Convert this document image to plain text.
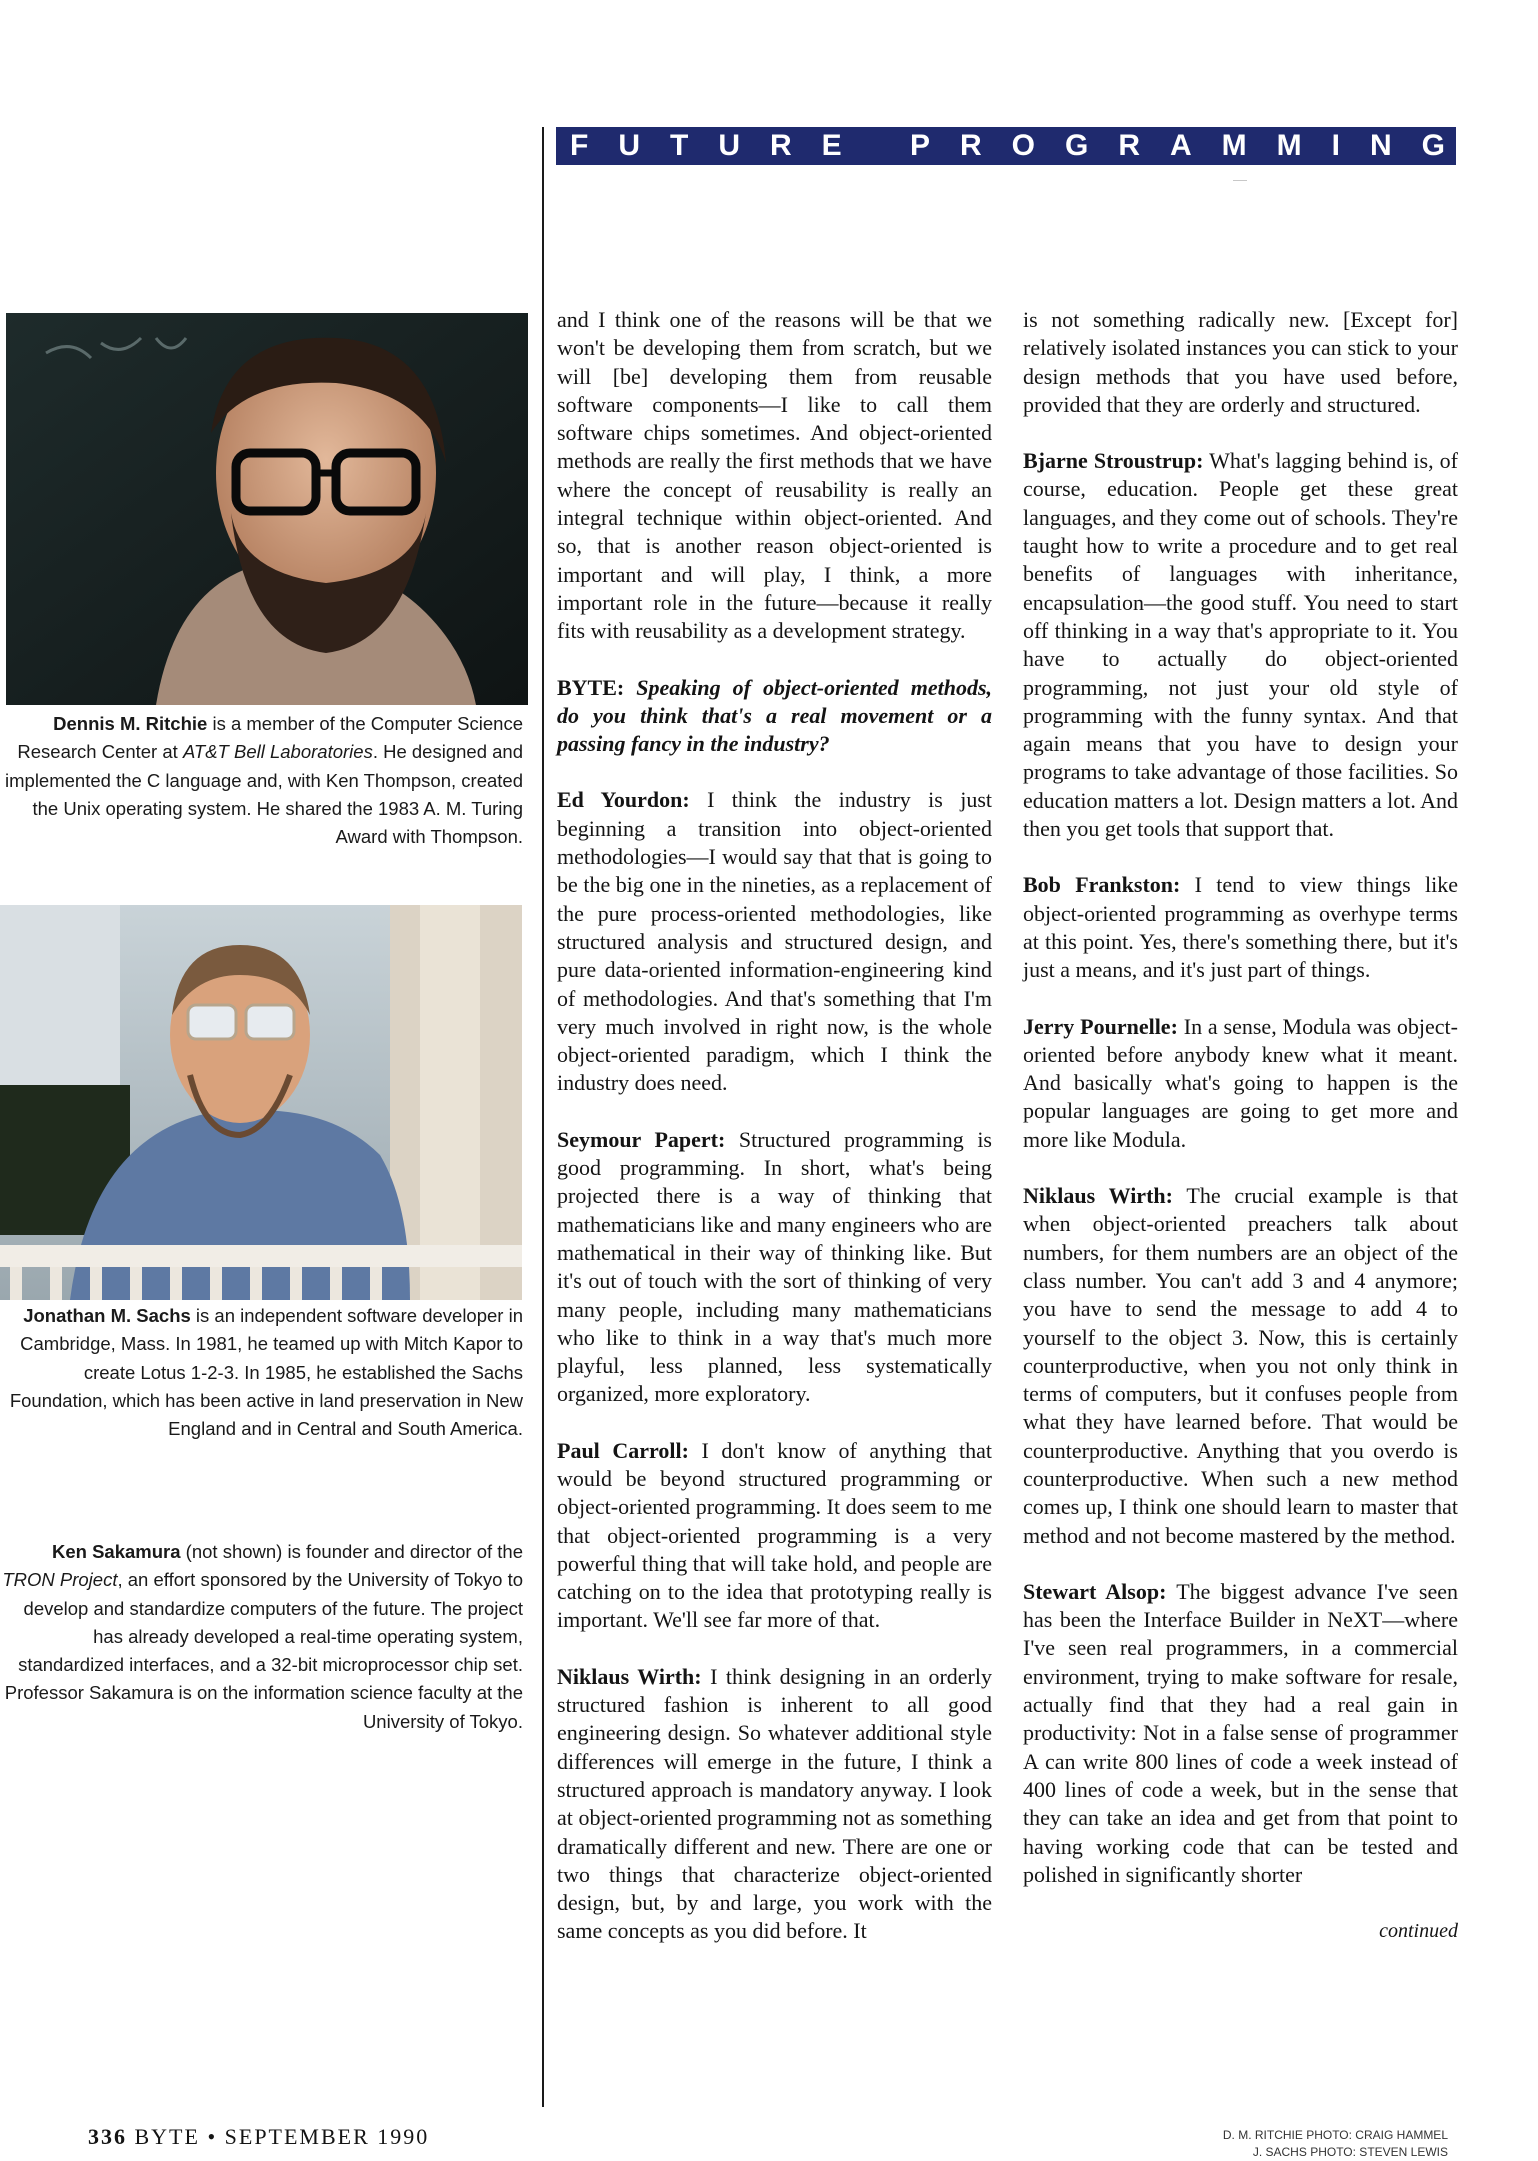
FUTURE PROGRAMMING
Dennis M. Ritchie is a member of the Computer Science Research Center at AT&T Bell Laboratories. He designed and implemented the C language and, with Ken Thompson, created the Unix operating system. He shared the 1983 A. M. Turing Award with Thompson.
Jonathan M. Sachs is an independent software developer in Cambridge, Mass. In 1981, he teamed up with Mitch Kapor to create Lotus 1-2-3. In 1985, he established the Sachs Foundation, which has been active in land preservation in New England and in Central and South America.
Ken Sakamura (not shown) is founder and director of the TRON Project, an effort sponsored by the University of Tokyo to develop and standardize computers of the future. The project has already developed a real-time operating system, standardized interfaces, and a 32-bit microprocessor chip set. Professor Sakamura is on the information science faculty at the University of Tokyo.

and I think one of the reasons will be that we won't be developing them from scratch, but we will [be] developing them from reusable software components—I like to call them software chips sometimes. And object-oriented methods are really the first methods that we have where the concept of reusability is really an integral technique within object-oriented. And so, that is another reason object-oriented is important and will play, I think, a more important role in the future—because it really fits with reusability as a development strategy.

BYTE: Speaking of object-oriented methods, do you think that's a real movement or a passing fancy in the industry?

Ed Yourdon: I think the industry is just beginning a transition into object-oriented methodologies—I would say that that is going to be the big one in the nineties, as a replacement of the pure process-oriented methodologies, like structured analysis and structured design, and pure data-oriented information-engineering kind of methodologies. And that's something that I'm very much involved in right now, is the whole object-oriented paradigm, which I think the industry does need.

Seymour Papert: Structured programming is good programming. In short, what's being projected there is a way of thinking that mathematicians like and many engineers who are mathematical in their way of thinking like. But it's out of touch with the sort of thinking of very many people, including many mathematicians who like to think in a way that's much more playful, less planned, less systematically organized, more exploratory.

Paul Carroll: I don't know of anything that would be beyond structured programming or object-oriented programming. It does seem to me that object-oriented programming is a very powerful thing that will take hold, and people are catching on to the idea that prototyping really is important. We'll see far more of that.

Niklaus Wirth: I think designing in an orderly structured fashion is inherent to all good engineering design. So whatever additional style differences will emerge in the future, I think a structured approach is mandatory anyway. I look at object-oriented programming not as something dramatically different and new. There are one or two things that characterize object-oriented design, but, by and large, you work with the same concepts as you did before. It

is not something radically new. [Except for] relatively isolated instances you can stick to your design methods that you have used before, provided that they are orderly and structured.

Bjarne Stroustrup: What's lagging behind is, of course, education. People get these great languages, and they come out of schools. They're taught how to write a procedure and to get real benefits of languages with inheritance, encapsulation—the good stuff. You need to start off thinking in a way that's appropriate to it. You have to actually do object-oriented programming, not just your old style of programming with the funny syntax. And that again means that you have to design your programs to take advantage of those facilities. So education matters a lot. Design matters a lot. And then you get tools that support that.

Bob Frankston: I tend to view things like object-oriented programming as overhype terms at this point. Yes, there's something there, but it's just a means, and it's just part of things.

Jerry Pournelle: In a sense, Modula was object-oriented before anybody knew what it meant. And basically what's going to happen is the popular languages are going to get more and more like Modula.

Niklaus Wirth: The crucial example is that when object-oriented preachers talk about numbers, for them numbers are an object of the class number. You can't add 3 and 4 anymore; you have to send the message to add 4 to yourself to the object 3. Now, this is certainly counterproductive, when you not only think in terms of computers, but it confuses people from what they have learned before. That would be counterproductive. Anything that you overdo is counterproductive. When such a new method comes up, I think one should learn to master that method and not become mastered by the method.

Stewart Alsop: The biggest advance I've seen has been the Interface Builder in NeXT—where I've seen real programmers, in a commercial environment, trying to make software for resale, actually find that they had a real gain in productivity: Not in a false sense of programmer A can write 800 lines of code a week instead of 400 lines of code a week, but in the sense that they can take an idea and get from that point to having working code that can be tested and polished in significantly shorter

continued
336 BYTE • SEPTEMBER 1990	D. M. RITCHIE PHOTO: CRAIG HAMMEL
J. SACHS PHOTO: STEVEN LEWIS
